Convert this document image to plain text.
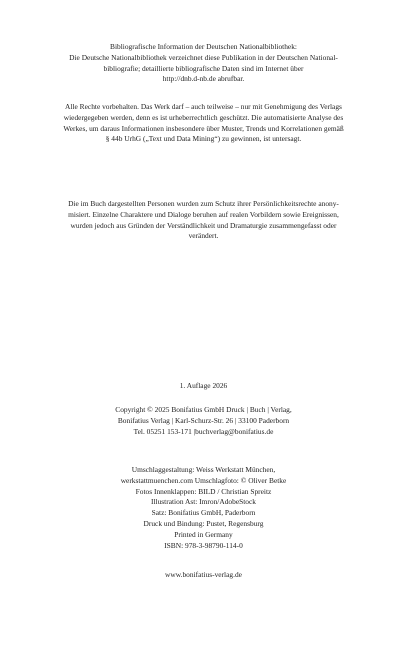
Bibliografische Information der Deutschen Nationalbibliothek:
Die Deutsche Nationalbibliothek verzeichnet diese Publikation in der Deutschen National-
bibliografie; detaillierte bibliografische Daten sind im Internet über
http://dnb.d-nb.de abrufbar.
Alle Rechte vorbehalten. Das Werk darf – auch teilweise – nur mit Genehmigung des Verlags
wiedergegeben werden, denn es ist urheberrechtlich geschützt. Die automatisierte Analyse des
Werkes, um daraus Informationen insbesondere über Muster, Trends und Korrelationen gemäß
§ 44b UrhG („Text und Data Mining“) zu gewinnen, ist untersagt.
Die im Buch dargestellten Personen wurden zum Schutz ihrer Persönlichkeitsrechte anony-
misiert. Einzelne Charaktere und Dialoge beruhen auf realen Vorbildern sowie Ereignissen,
wurden jedoch aus Gründen der Verständlichkeit und Dramaturgie zusammengefasst oder
verändert.
1. Auflage 2026
Copyright © 2025 Bonifatius GmbH Druck | Buch | Verlag,
Bonifatius Verlag | Karl-Schurz-Str. 26 | 33100 Paderborn
Tel. 05251 153-171 |buchverlag@bonifatius.de
Umschlaggestaltung: Weiss Werkstatt München,
werkstattmuenchen.com Umschlagfoto: © Oliver Betke
Fotos Innenklappen: BILD / Christian Spreitz
Illustration Ast: Imron/AdobeStock
Satz: Bonifatius GmbH, Paderborn
Druck und Bindung: Pustet, Regensburg
Printed in Germany
ISBN: 978-3-98790-114-0
www.bonifatius-verlag.de
